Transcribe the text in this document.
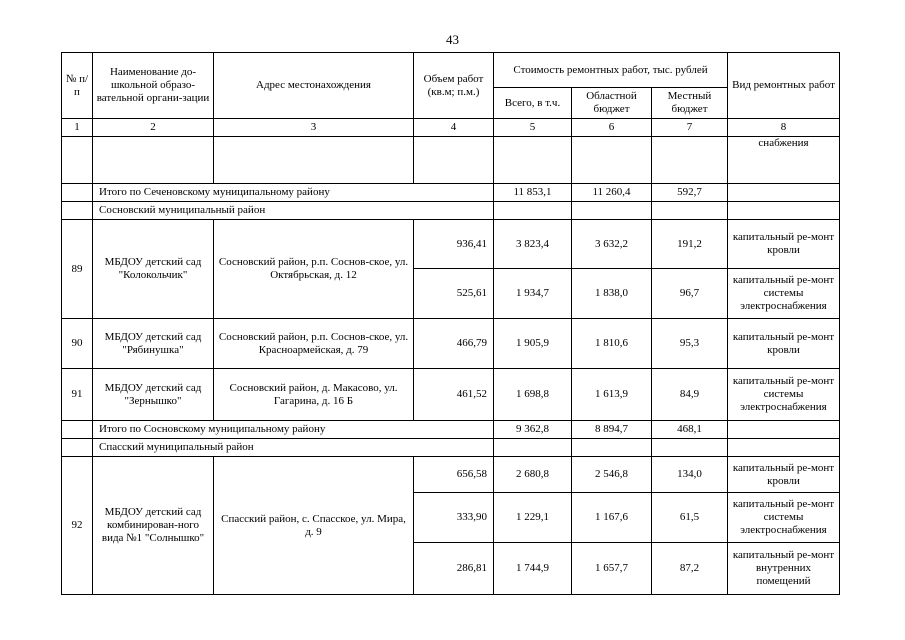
43
№ п/п	Наименование до-школьной образо-вательной органи-зации	Адрес местонахождения	Объем работ (кв.м; п.м.)	Стоимость ремонтных работ, тыс. рублей			Вид ремонтных работ
				Всего, в т.ч.	Областной бюджет	Местный бюджет	
1	2	3	4	5	6	7	8
							снабжения
	Итого по Сеченовскому муниципальному району			11 853,1	11 260,4	592,7	
	Сосновский муниципальный район						
89	МБДОУ детский сад "Колокольчик"	Сосновский район, р.п. Соснов-ское, ул. Октябрьская, д. 12	936,41	3 823,4	3 632,2	191,2	капитальный ре-монт кровли
			525,61	1 934,7	1 838,0	96,7	капитальный ре-монт системы электроснабжения
90	МБДОУ детский сад "Рябинушка"	Сосновский район, р.п. Соснов-ское, ул. Красноармейская, д. 79	466,79	1 905,9	1 810,6	95,3	капитальный ре-монт кровли
91	МБДОУ детский сад "Зернышко"	Сосновский район, д. Макасово, ул. Гагарина, д. 16 Б	461,52	1 698,8	1 613,9	84,9	капитальный ре-монт системы электроснабжения
	Итого по Сосновскому муниципальному району			9 362,8	8 894,7	468,1	
	Спасский муниципальный район						
92	МБДОУ детский сад комбинирован-ного вида №1 "Солнышко"	Спасский район, с. Спасское, ул. Мира, д. 9	656,58	2 680,8	2 546,8	134,0	капитальный ре-монт кровли
			333,90	1 229,1	1 167,6	61,5	капитальный ре-монт системы электроснабжения
			286,81	1 744,9	1 657,7	87,2	капитальный ре-монт внутренних помещений
